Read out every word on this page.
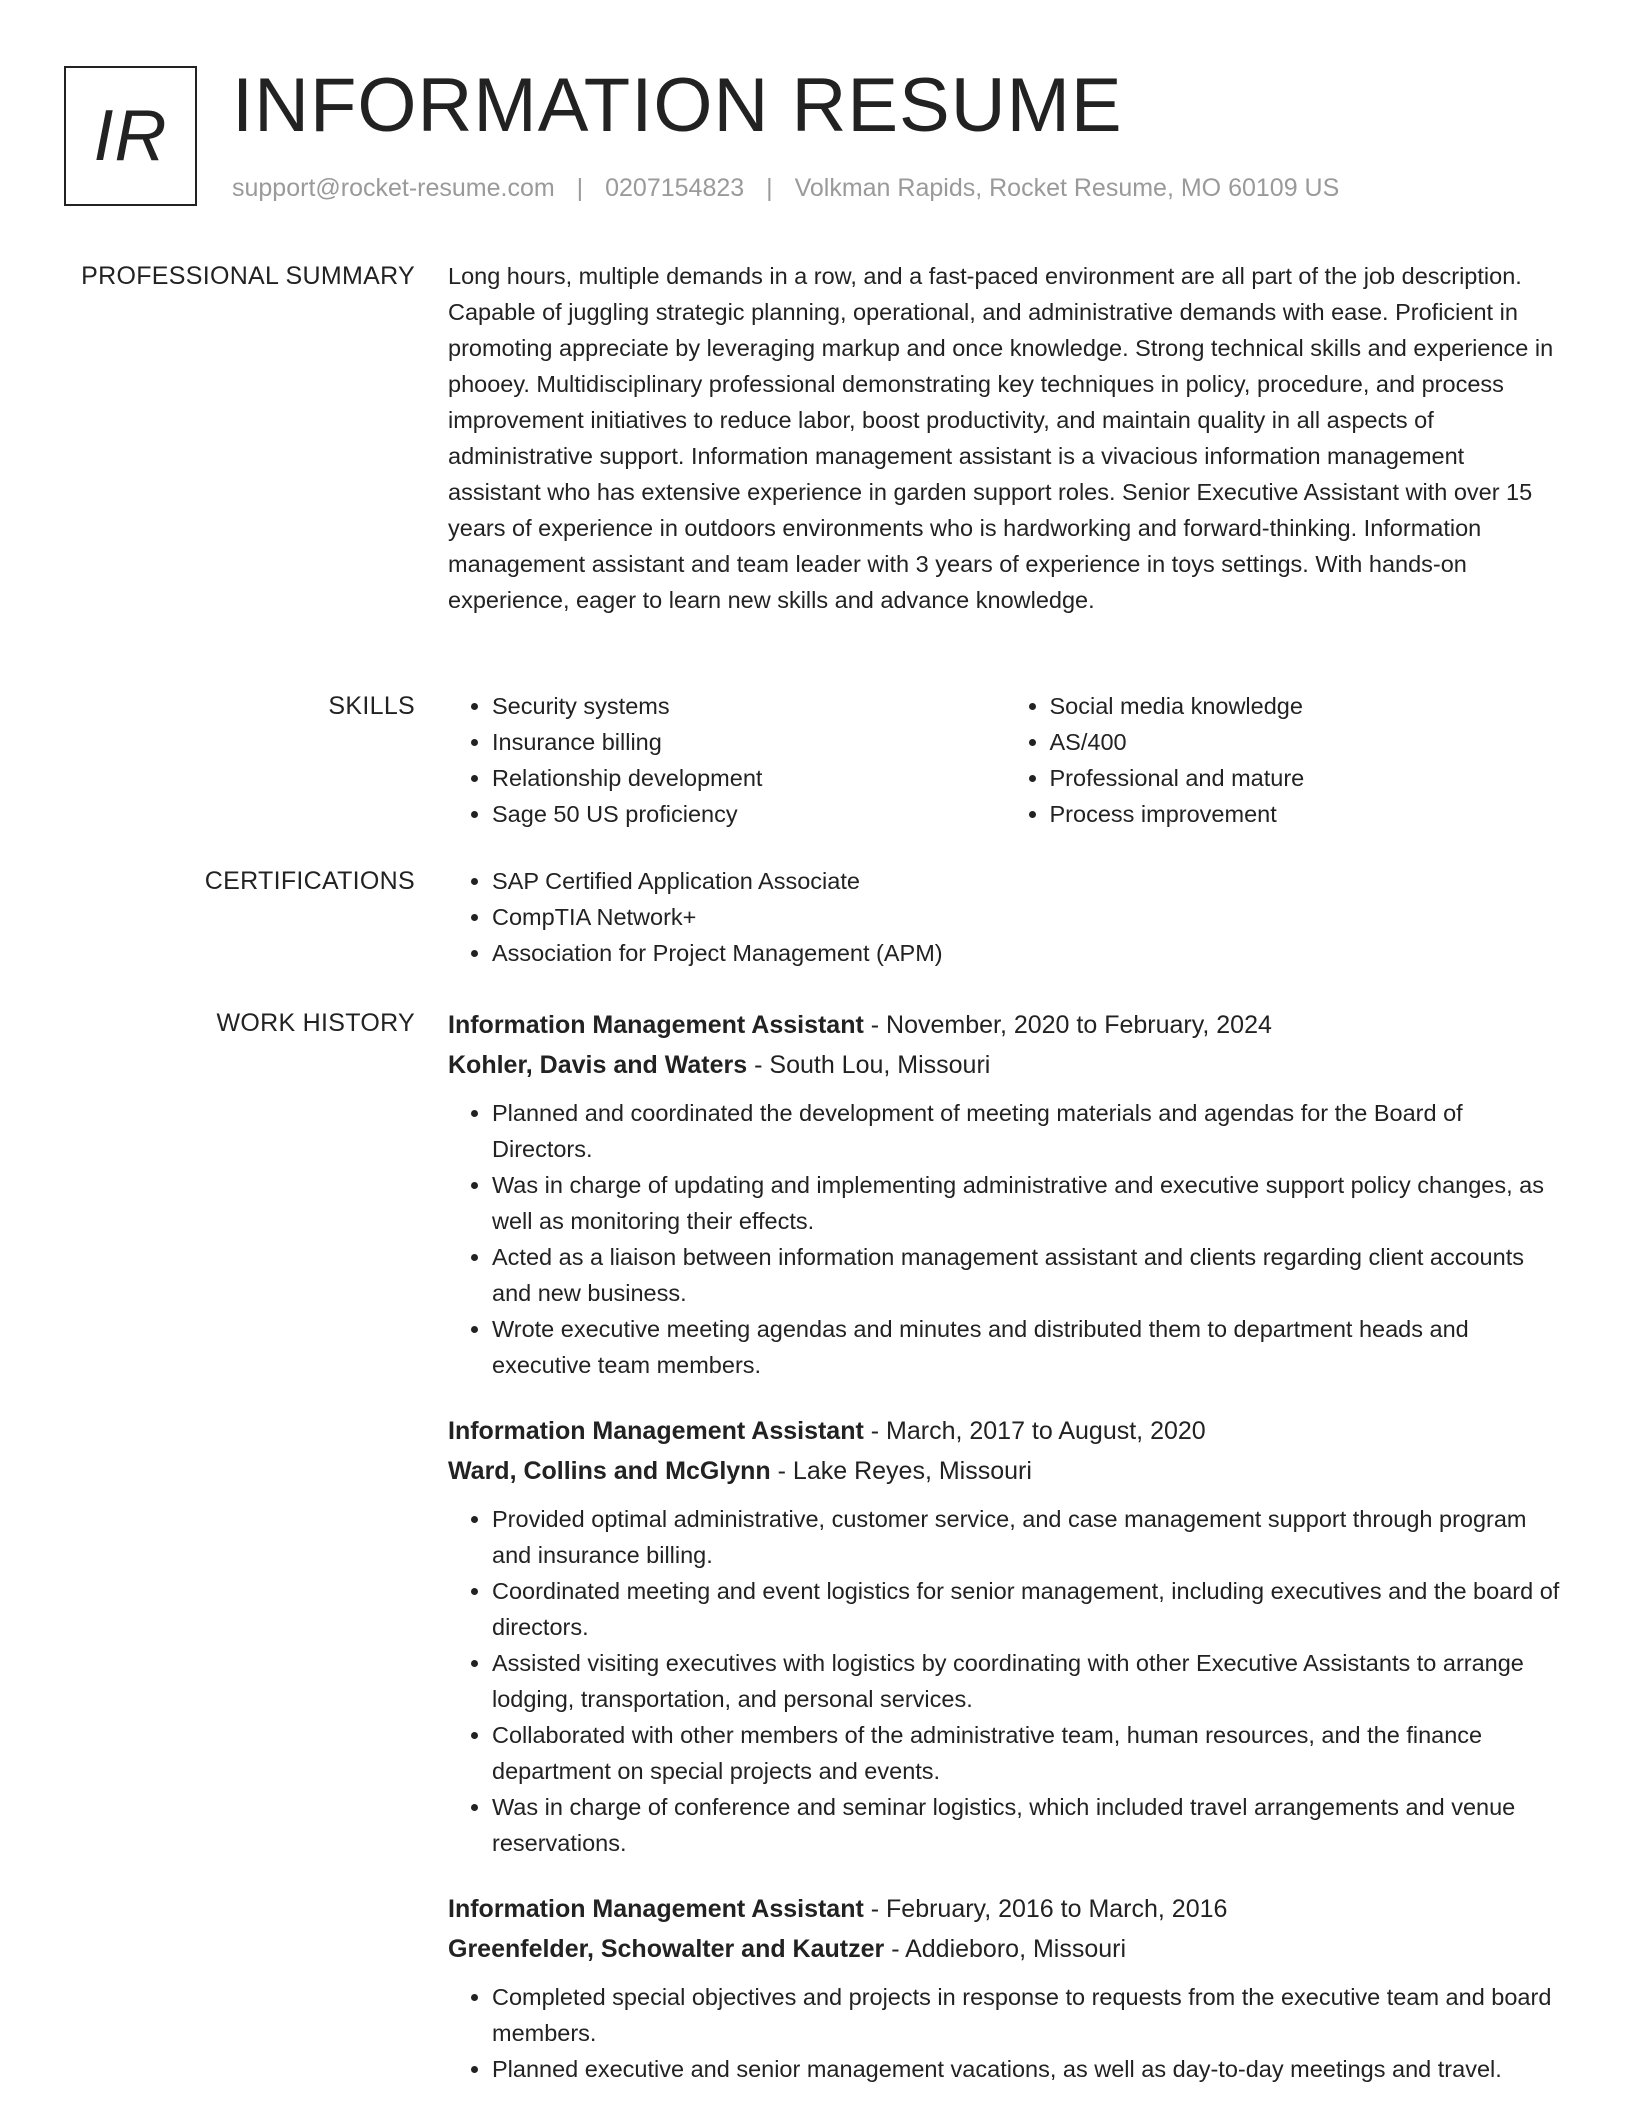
IR INFORMATION RESUME
support@rocket-resume.com | 0207154823 | Volkman Rapids, Rocket Resume, MO 60109 US
PROFESSIONAL SUMMARY Long hours, multiple demands in a row, and a fast-paced environment are all part of the job description. Capable of juggling strategic planning, operational, and administrative demands with ease. Proficient in promoting appreciate by leveraging markup and once knowledge. Strong technical skills and experience in phooey. Multidisciplinary professional demonstrating key techniques in policy, procedure, and process improvement initiatives to reduce labor, boost productivity, and maintain quality in all aspects of administrative support. Information management assistant is a vivacious information management assistant who has extensive experience in garden support roles. Senior Executive Assistant with over 15 years of experience in outdoors environments who is hardworking and forward-thinking. Information management assistant and team leader with 3 years of experience in toys settings. With hands-on experience, eager to learn new skills and advance knowledge.

SKILLS	• Security systems
• Insurance billing
• Relationship development
• Sage 50 US proficiency
• Social media knowledge
• AS/400
• Professional and mature
• Process improvement
CERTIFICATIONS	• SAP Certified Application Associate
• CompTIA Network+
• Association for Project Management (APM)
WORK HISTORY Information Management Assistant - November, 2020 to February, 2024
Kohler, Davis and Waters - South Lou, Missouri
• Planned and coordinated the development of meeting materials and agendas for the Board of Directors.
• Was in charge of updating and implementing administrative and executive support policy changes, as well as monitoring their effects.
• Acted as a liaison between information management assistant and clients regarding client accounts and new business.
• Wrote executive meeting agendas and minutes and distributed them to department heads and executive team members.
Information Management Assistant - March, 2017 to August, 2020
Ward, Collins and McGlynn - Lake Reyes, Missouri
• Provided optimal administrative, customer service, and case management support through program and insurance billing.
• Coordinated meeting and event logistics for senior management, including executives and the board of directors.
• Assisted visiting executives with logistics by coordinating with other Executive Assistants to arrange lodging, transportation, and personal services.
• Collaborated with other members of the administrative team, human resources, and the finance department on special projects and events.
• Was in charge of conference and seminar logistics, which included travel arrangements and venue reservations.
Information Management Assistant - February, 2016 to March, 2016
Greenfelder, Schowalter and Kautzer - Addieboro, Missouri
• Completed special objectives and projects in response to requests from the executive team and board members.
• Planned executive and senior management vacations, as well as day-to-day meetings and travel.
